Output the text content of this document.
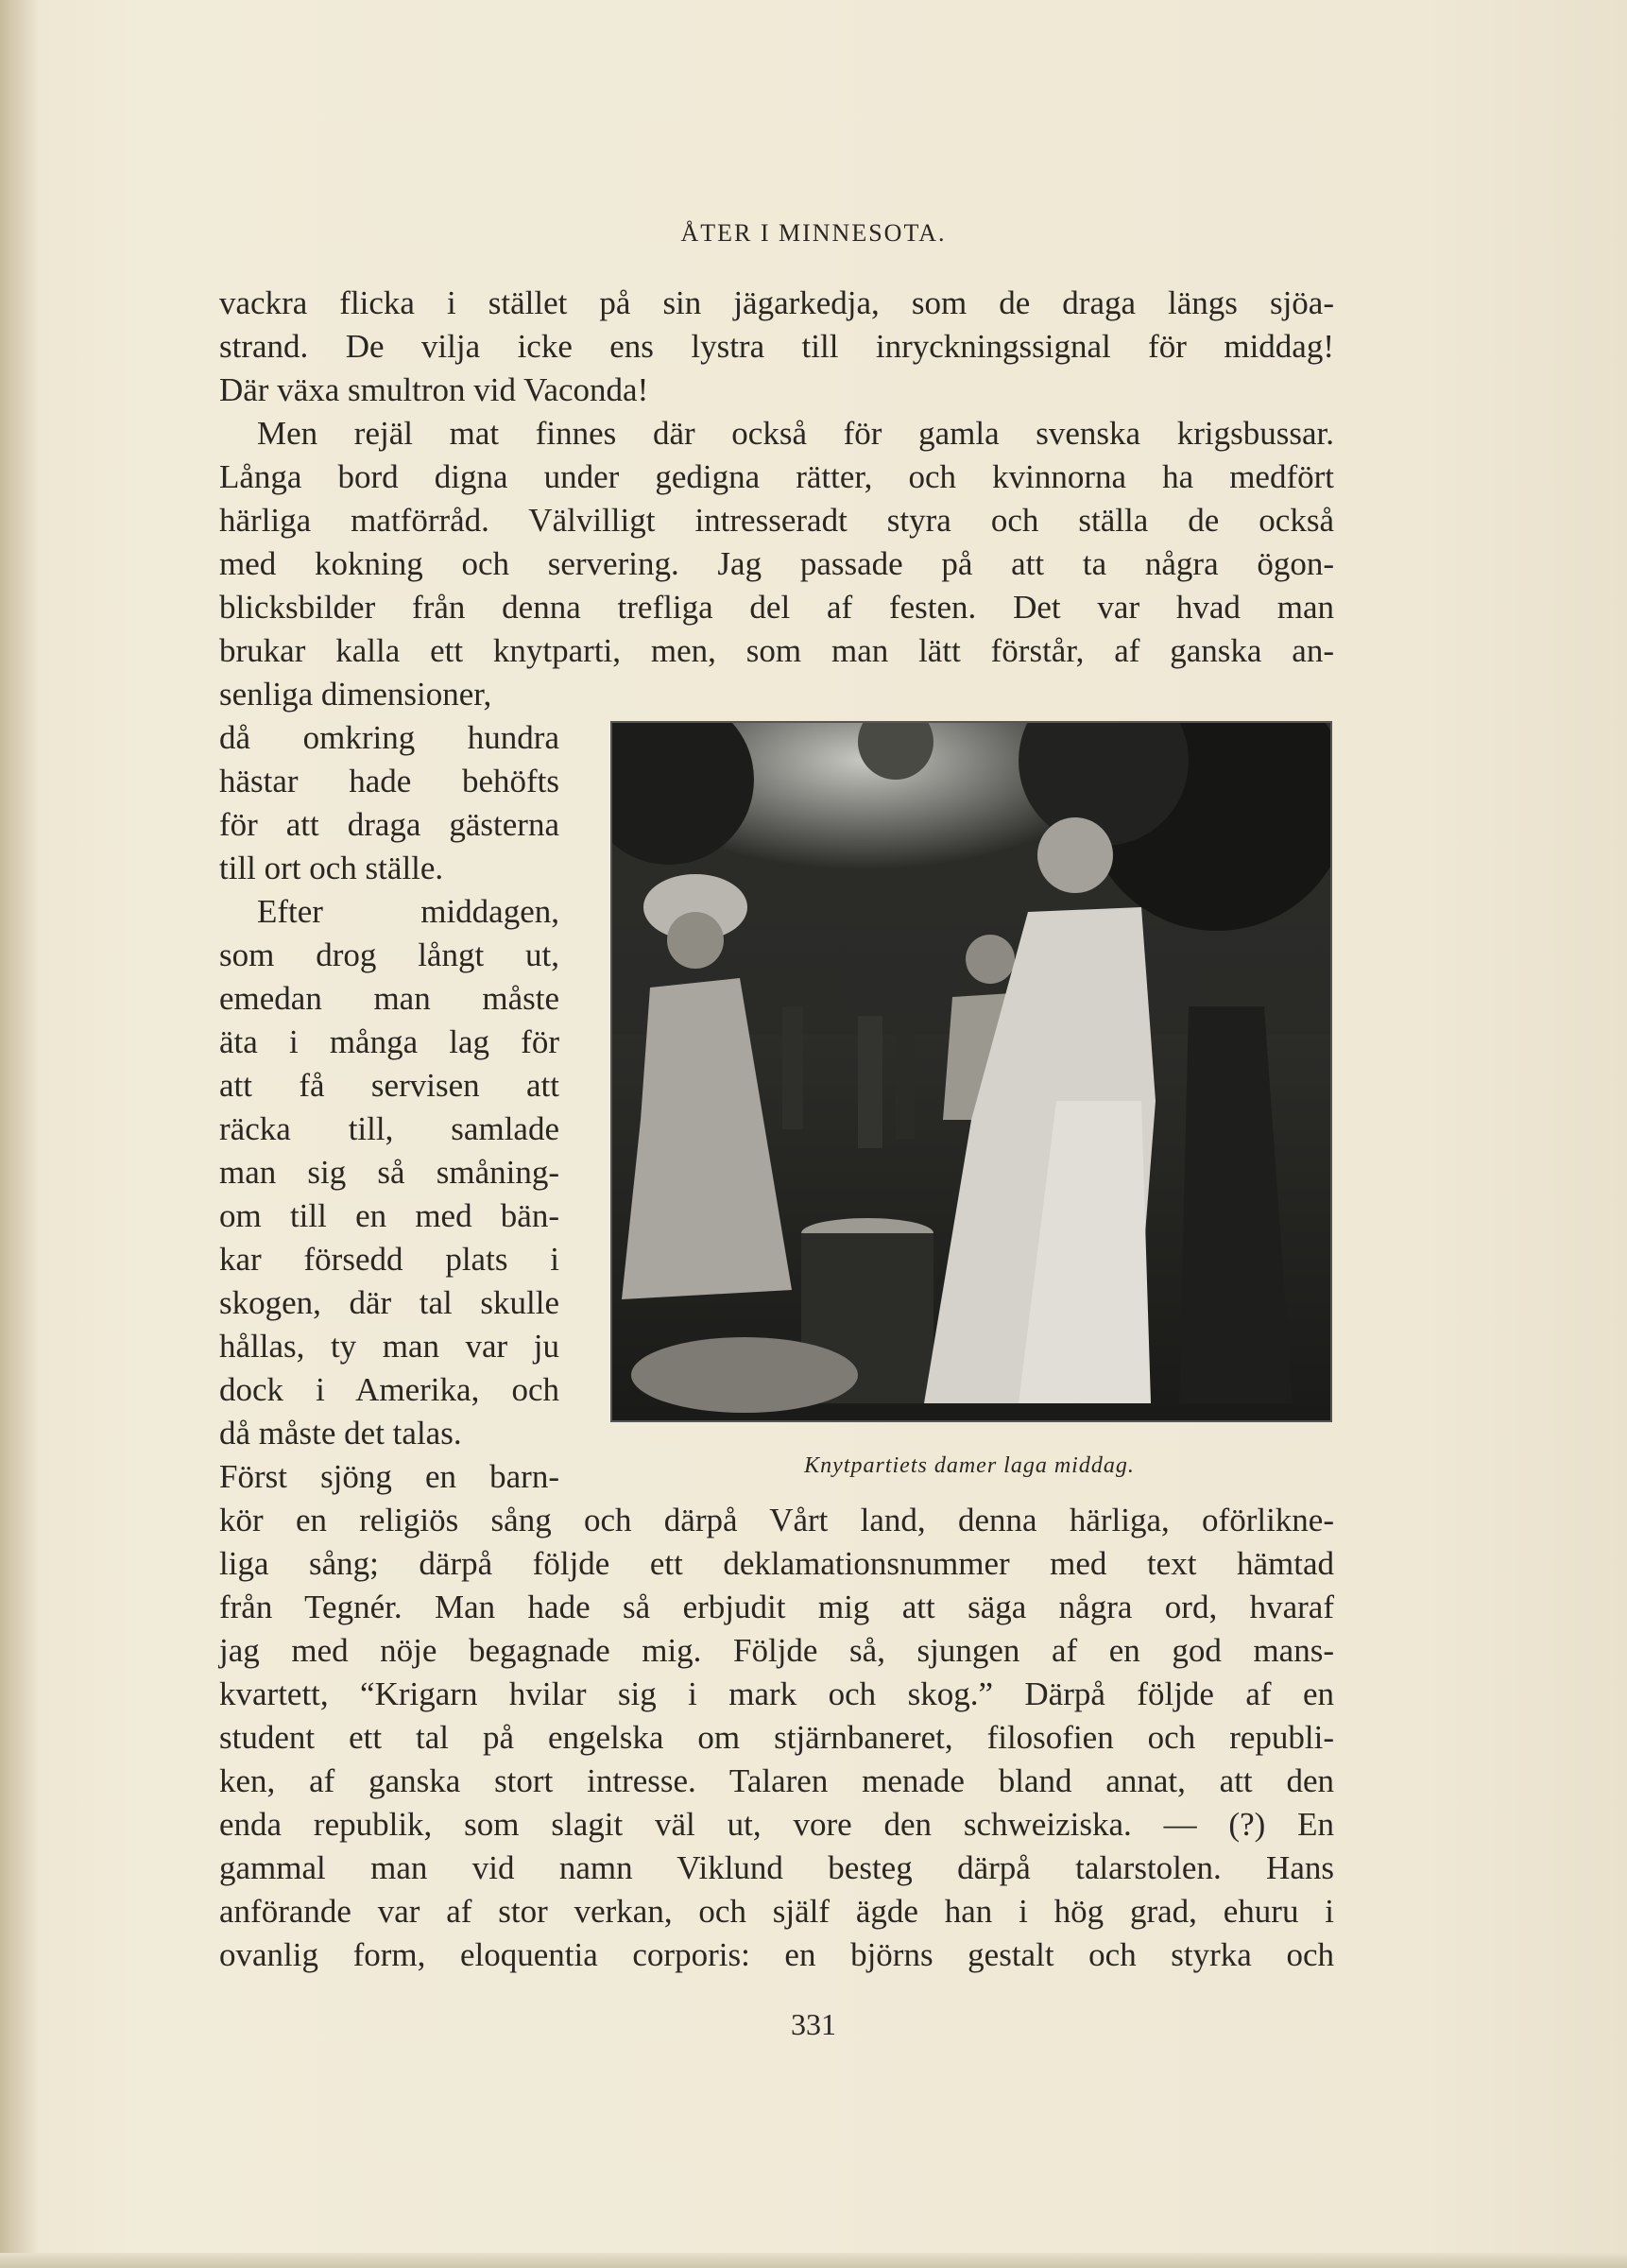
ÅTER I MINNESOTA.
vackra flicka i stället på sin jägarkedja, som de draga längs sjöa-
strand. De vilja icke ens lystra till inryckningssignal för middag!
Där växa smultron vid Vaconda!
Men rejäl mat finnes där också för gamla svenska krigsbussar.
Långa bord digna under gedigna rätter, och kvinnorna ha medfört
härliga matförråd. Välvilligt intresseradt styra och ställa de också
med kokning och servering. Jag passade på att ta några ögon-
blicksbilder från denna trefliga del af festen. Det var hvad man
brukar kalla ett knytparti, men, som man lätt förstår, af ganska an-
senliga dimensioner,
då omkring hundra
hästar hade behöfts
för att draga gästerna
till ort och ställe.
Efter middagen,
som drog långt ut,
emedan man måste
äta i många lag för
att få servisen att
räcka till, samlade
man sig så småning-
om till en med bän-
kar försedd plats i
skogen, där tal skulle
hållas, ty man var ju
dock i Amerika, och
då måste det talas.
Först sjöng en barn-
kör en religiös sång och därpå Vårt land, denna härliga, oförlikne-
liga sång; därpå följde ett deklamationsnummer med text hämtad
från Tegnér. Man hade så erbjudit mig att säga några ord, hvaraf
jag med nöje begagnade mig. Följde så, sjungen af en god mans-
kvartett, “Krigarn hvilar sig i mark och skog.” Därpå följde af en
student ett tal på engelska om stjärnbaneret, filosofien och republi-
ken, af ganska stort intresse. Talaren menade bland annat, att den
enda republik, som slagit väl ut, vore den schweiziska. — (?) En
gammal man vid namn Viklund besteg därpå talarstolen. Hans
anförande var af stor verkan, och själf ägde han i hög grad, ehuru i
ovanlig form, eloquentia corporis: en björns gestalt och styrka och
Knytpartiets damer laga middag.
331
